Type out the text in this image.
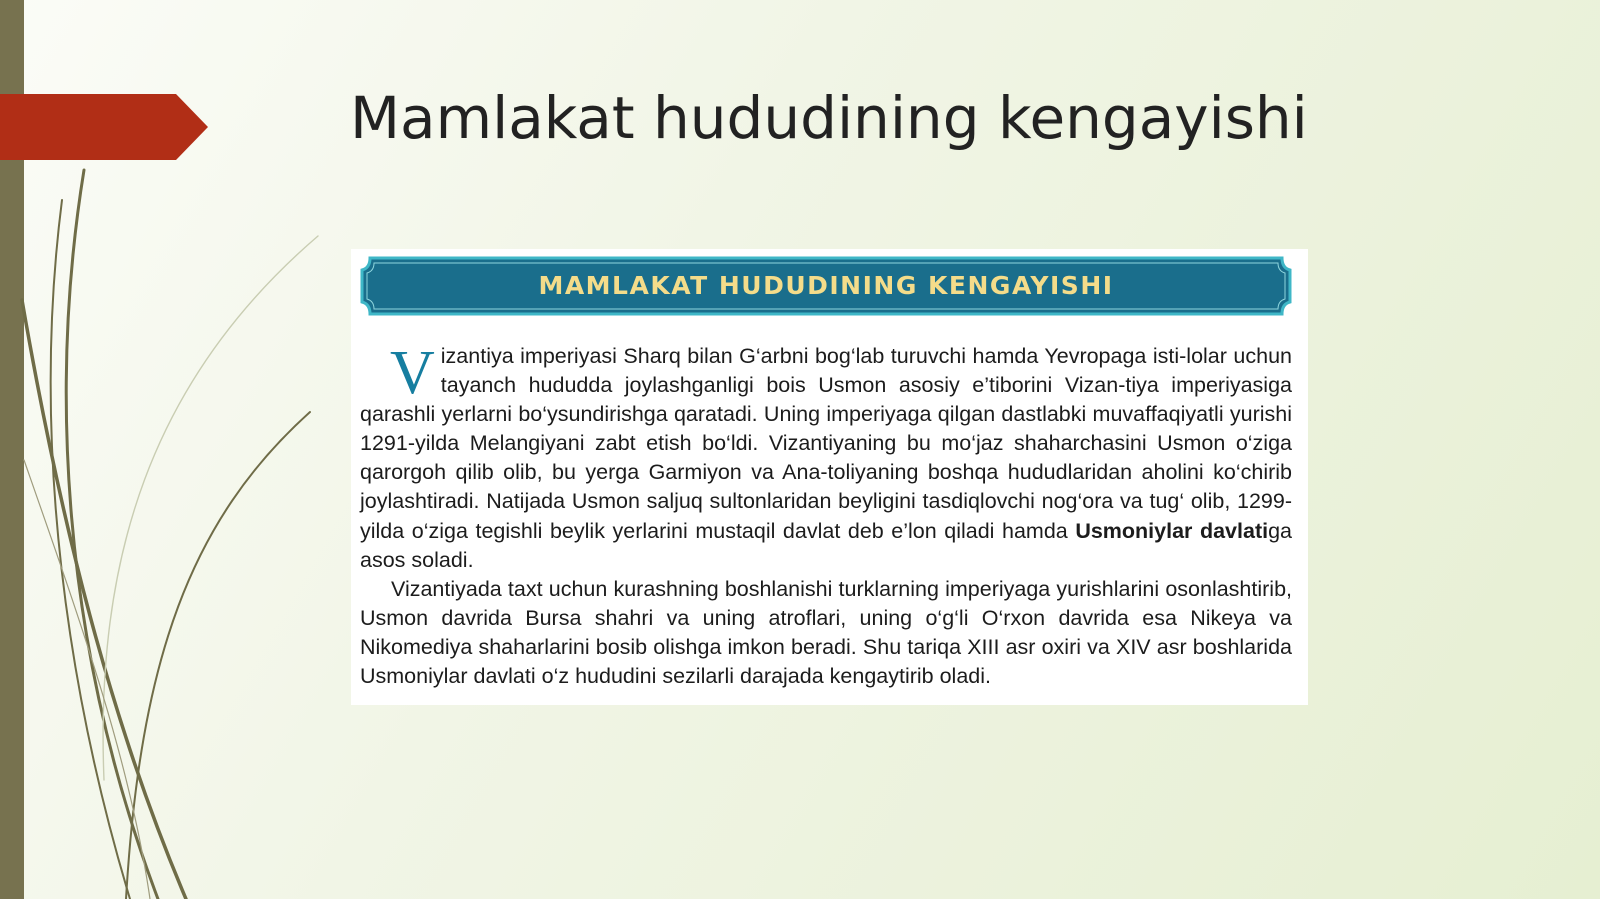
Mamlakat hududining kengayishi
MAMLAKAT HUDUDINING KENGAYISHI

Vizantiya imperiyasi Sharq bilan G‘arbni bog‘lab turuvchi hamda Yevropaga isti-lolar uchun tayanch hududda joylashganligi bois Usmon asosiy e’tiborini Vizan-tiya imperiyasiga qarashli yerlarni bo‘ysundirishga qaratadi. Uning imperiyaga qilgan dastlabki muvaffaqiyatli yurishi 1291-yilda Melangiyani zabt etish bo‘ldi. Vizantiyaning bu mo‘jaz shaharchasini Usmon o‘ziga qarorgoh qilib olib, bu yerga Garmiyon va Ana-toliyaning boshqa hududlaridan aholini ko‘chirib joylashtiradi. Natijada Usmon saljuq sultonlaridan beyligini tasdiqlovchi nog‘ora va tug‘ olib, 1299-yilda o‘ziga tegishli beylik yerlarini mustaqil davlat deb e’lon qiladi hamda Usmoniylar davlatiga asos soladi.

Vizantiyada taxt uchun kurashning boshlanishi turklarning imperiyaga yurishlarini osonlashtirib, Usmon davrida Bursa shahri va uning atroflari, uning o‘g‘li O‘rxon davrida esa Nikeya va Nikomediya shaharlarini bosib olishga imkon beradi. Shu tariqa XIII asr oxiri va XIV asr boshlarida Usmoniylar davlati o‘z hududini sezilarli darajada kengaytirib oladi.
